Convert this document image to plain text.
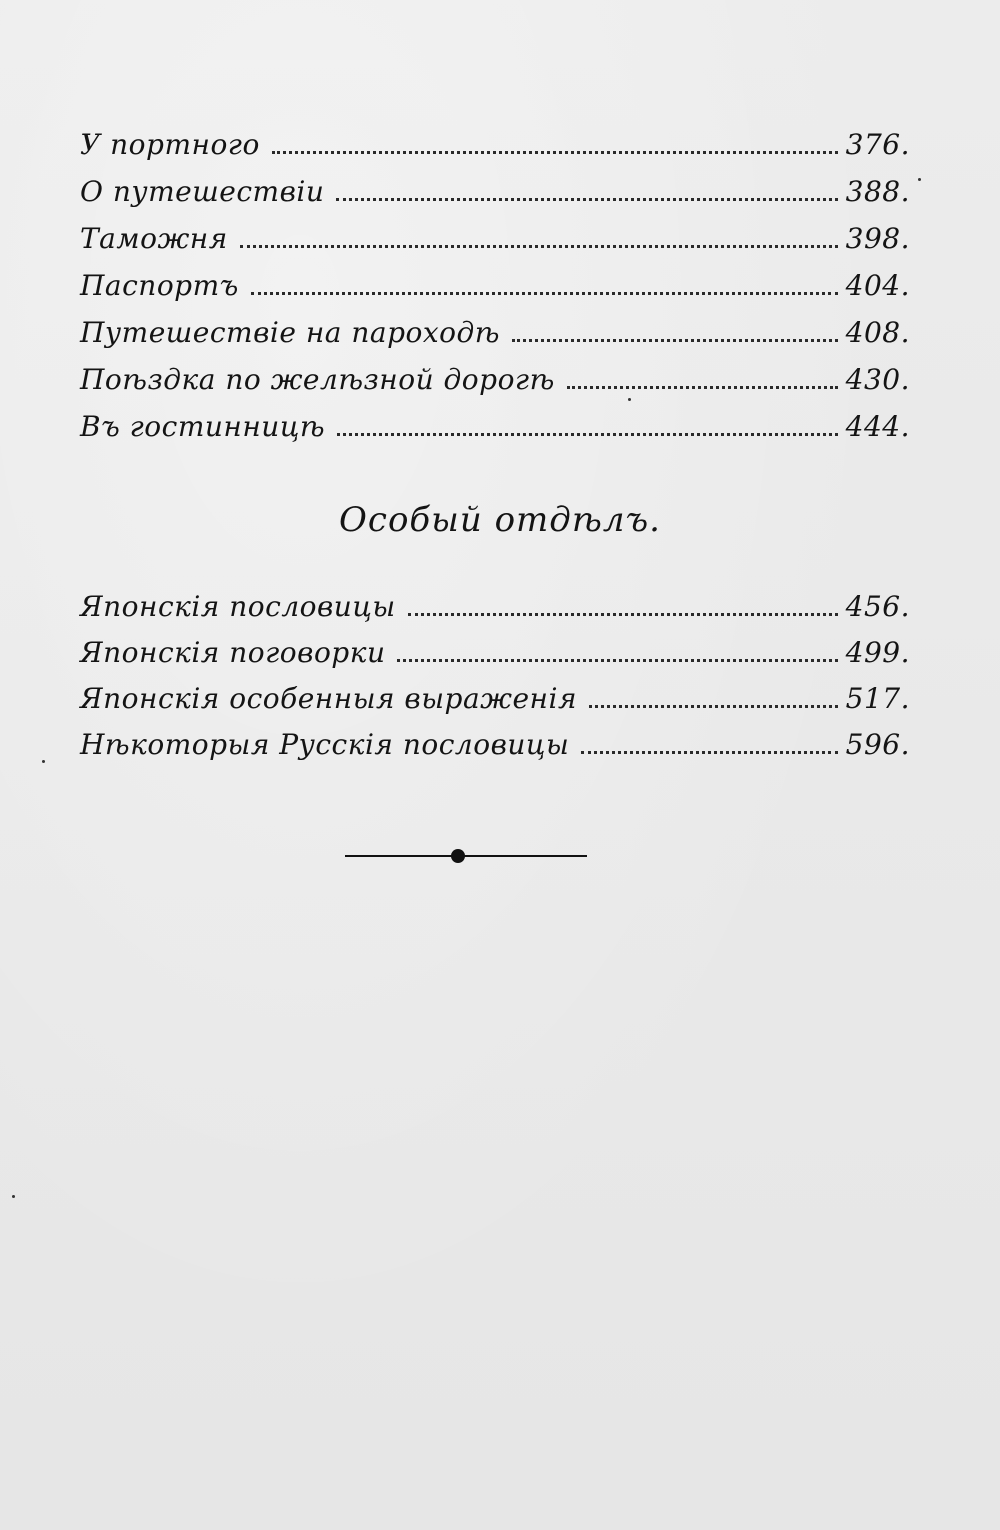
У портного	376.
О путешествіи	388.
Таможня	398.
Паспортъ	404.
Путешествіе на пароходѣ	408.
Поѣздка по желѣзной дорогѣ	430.
Въ гостинницѣ	444.
Особый отдѣлъ.
Японскія пословицы	456.
Японскія поговорки	499.
Японскія особенныя выраженія	517.
Нѣкоторыя Русскія пословицы	596.
